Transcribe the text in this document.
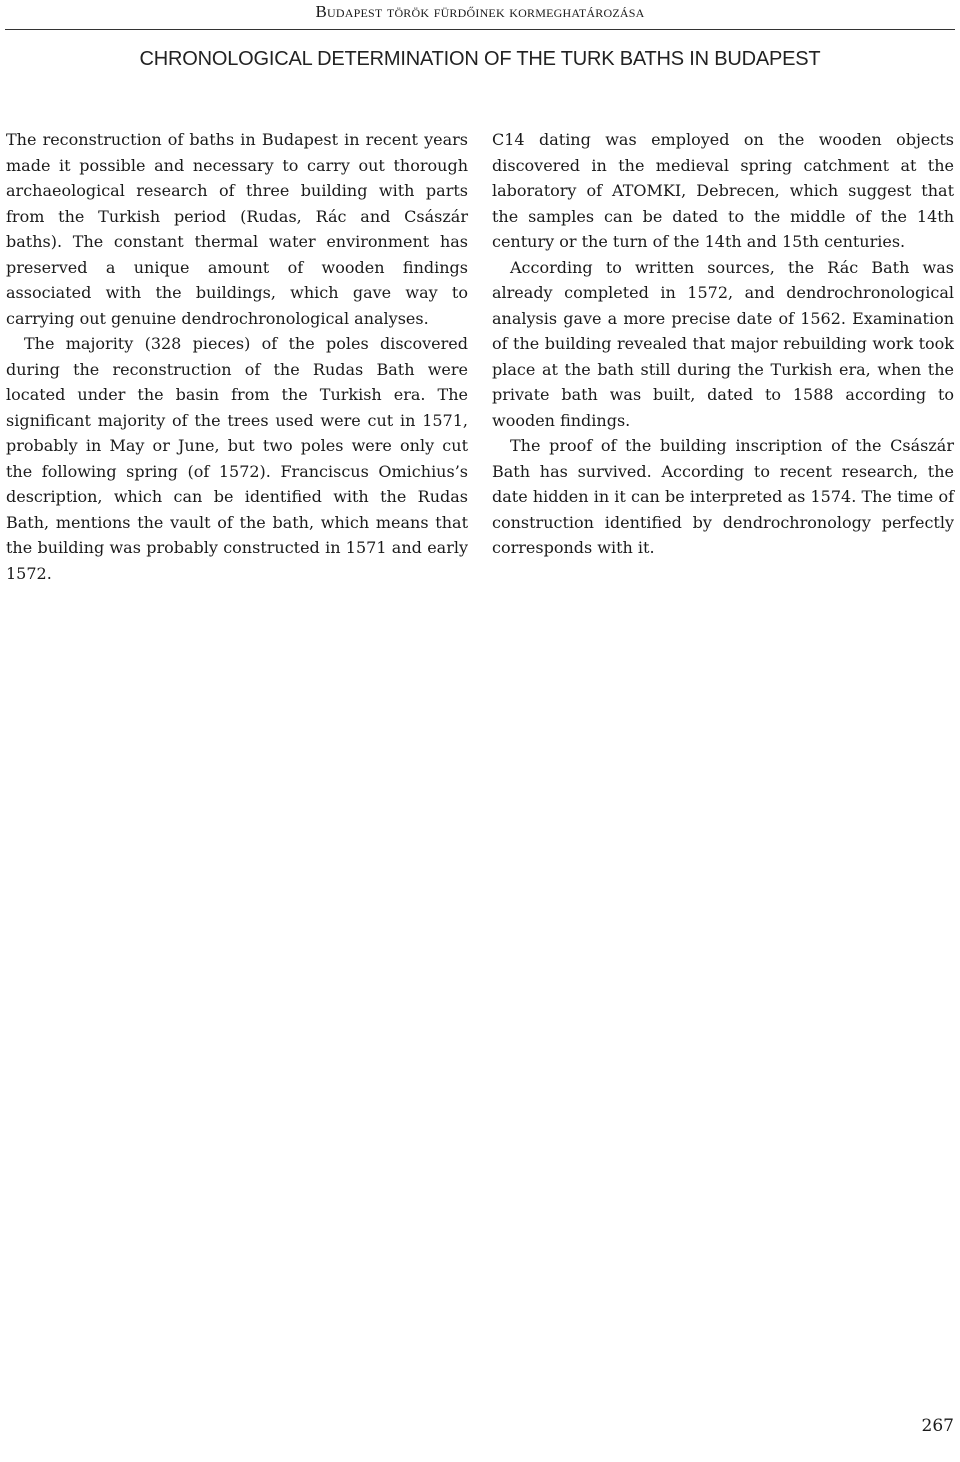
Budapest török fürdőinek kormeghatározása
CHRONOLOGICAL DETERMINATION OF THE TURK BATHS IN BUDAPEST

The reconstruction of baths in Budapest in recent years made it possible and necessary to carry out thorough archaeological research of three building with parts from the Turkish period (Rudas, Rác and Császár baths). The constant thermal water environment has preserved a unique amount of wooden findings associated with the buildings, which gave way to carrying out genuine dendrochronological analyses.

The majority (328 pieces) of the poles discovered during the reconstruction of the Rudas Bath were located under the basin from the Turkish era. The significant majority of the trees used were cut in 1571, probably in May or June, but two poles were only cut the following spring (of 1572). Franciscus Omichius’s description, which can be identified with the Rudas Bath, mentions the vault of the bath, which means that the building was probably constructed in 1571 and early 1572.

C14 dating was employed on the wooden objects discovered in the medieval spring catchment at the laboratory of ATOMKI, Debrecen, which suggest that the samples can be dated to the middle of the 14th century or the turn of the 14th and 15th centuries.

According to written sources, the Rác Bath was already completed in 1572, and dendrochronological analysis gave a more precise date of 1562. Examination of the building revealed that major rebuilding work took place at the bath still during the Turkish era, when the private bath was built, dated to 1588 according to wooden findings.

The proof of the building inscription of the Császár Bath has survived. According to recent research, the date hidden in it can be interpreted as 1574. The time of construction identified by dendrochronology perfectly corresponds with it.

267
